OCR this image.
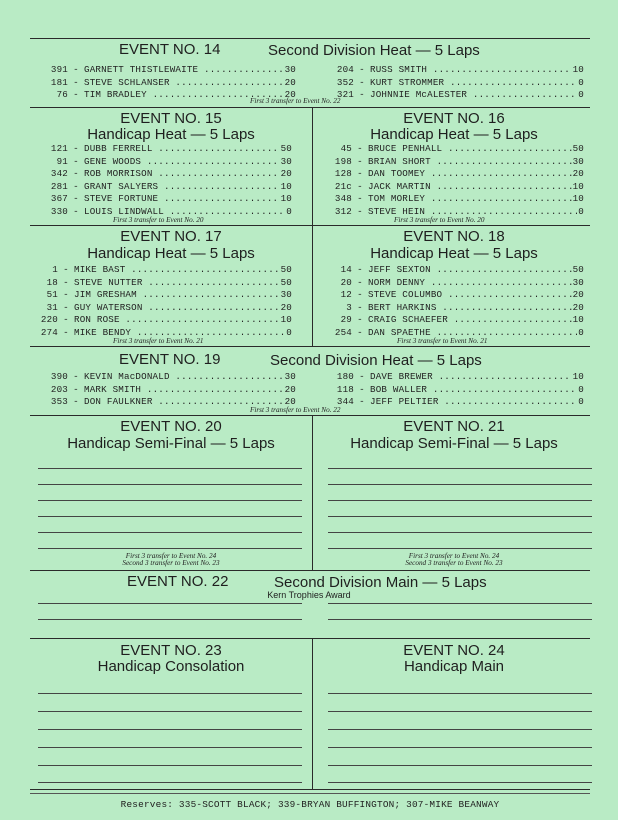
EVENT NO. 14	Second Division Heat — 5 Laps
391 - GARNETT THISTLEWAITE .....	30
181 - STEVE SCHLANSER .....	20
76 - TIM BRADLEY .....	20
204 - RUSS SMITH .....	10
352 - KURT STROMMER .....	0
321 - JOHNNIE McALESTER .....	0
First 3 transfer to Event No. 22
EVENT NO. 15
Handicap Heat — 5 Laps
121 - DUBB FERRELL .....	50
91 - GENE WOODS .....	30
342 - ROB MORRISON .....	20
281 - GRANT SALYERS .....	10
367 - STEVE FORTUNE .....	10
330 - LOUIS LINDWALL .....	0
First 3 transfer to Event No. 20
EVENT NO. 16
Handicap Heat — 5 Laps
45 - BRUCE PENHALL .....	50
198 - BRIAN SHORT .....	30
128 - DAN TOOMEY .....	20
21c - JACK MARTIN .....	10
348 - TOM MORLEY .....	10
312 - STEVE HEIN .....	0
First 3 transfer to Event No. 20
EVENT NO. 17
Handicap Heat — 5 Laps
1 - MIKE BAST .....	50
18 - STEVE NUTTER .....	50
51 - JIM GRESHAM .....	30
31 - GUY WATERSON .....	20
220 - RON ROSE .....	10
274 - MIKE BENDY .....	0
First 3 transfer to Event No. 21
EVENT NO. 18
Handicap Heat — 5 Laps
14 - JEFF SEXTON .....	50
20 - NORM DENNY .....	30
12 - STEVE COLUMBO .....	20
3 - BERT HARKINS .....	20
29 - CRAIG SCHAEFER .....	10
254 - DAN SPAETHE .....	0
First 3 transfer to Event No. 21
EVENT NO. 19	Second Division Heat — 5 Laps
390 - KEVIN MacDONALD .....	30
203 - MARK SMITH .....	20
353 - DON FAULKNER .....	20
180 - DAVE BREWER .....	10
118 - BOB WALLER .....	0
344 - JEFF PELTIER .....	0
First 3 transfer to Event No. 22
EVENT NO. 20
Handicap Semi-Final — 5 Laps
First 3 transfer to Event No. 24
Second 3 transfer to Event No. 23
EVENT NO. 21
Handicap Semi-Final — 5 Laps
First 3 transfer to Event No. 24
Second 3 transfer to Event No. 23
EVENT NO. 22	Second Division Main — 5 Laps
Kern Trophies Award
EVENT NO. 23
Handicap Consolation
EVENT NO. 24
Handicap Main
Reserves: 335-SCOTT BLACK; 339-BRYAN BUFFINGTON; 307-MIKE BEANWAY
